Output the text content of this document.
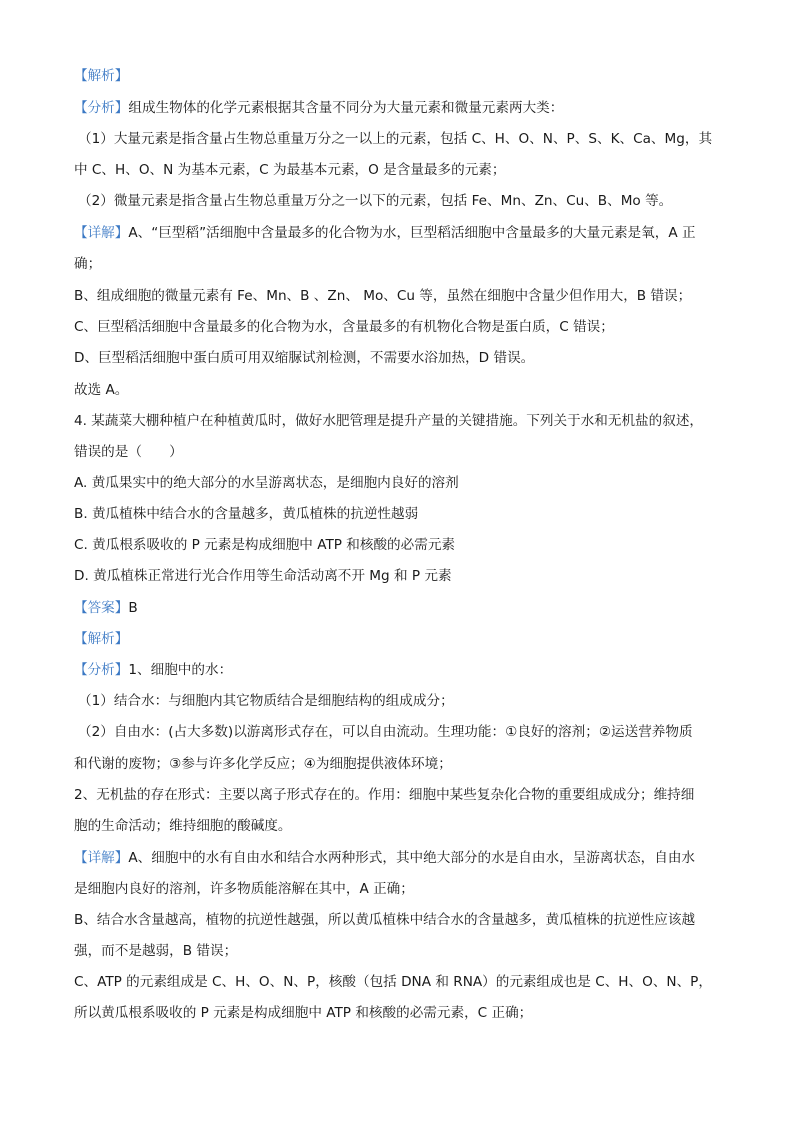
【解析】
【分析】组成生物体的化学元素根据其含量不同分为大量元素和微量元素两大类：
（1）大量元素是指含量占生物总重量万分之一以上的元素，包括 C、H、O、N、P、S、K、Ca、Mg，其
中 C、H、O、N 为基本元素，C 为最基本元素，O 是含量最多的元素；
（2）微量元素是指含量占生物总重量万分之一以下的元素，包括 Fe、Mn、Zn、Cu、B、Mo 等。
【详解】A、“巨型稻”活细胞中含量最多的化合物为水，巨型稻活细胞中含量最多的大量元素是氧，A 正
确；
B、组成细胞的微量元素有 Fe、Mn、B 、Zn、 Mo、Cu 等，虽然在细胞中含量少但作用大，B 错误；
C、巨型稻活细胞中含量最多的化合物为水，含量最多的有机物化合物是蛋白质，C 错误；
D、巨型稻活细胞中蛋白质可用双缩脲试剂检测，不需要水浴加热，D 错误。
故选 A。
4. 某蔬菜大棚种植户在种植黄瓜时，做好水肥管理是提升产量的关键措施。下列关于水和无机盐的叙述，
错误的是（　　）
A. 黄瓜果实中的绝大部分的水呈游离状态，是细胞内良好的溶剂
B. 黄瓜植株中结合水的含量越多，黄瓜植株的抗逆性越弱
C. 黄瓜根系吸收的 P 元素是构成细胞中 ATP 和核酸的必需元素
D. 黄瓜植株正常进行光合作用等生命活动离不开 Mg 和 P 元素
【答案】B
【解析】
【分析】1、细胞中的水：
（1）结合水：与细胞内其它物质结合是细胞结构的组成成分；
（2）自由水：(占大多数)以游离形式存在，可以自由流动。生理功能：①良好的溶剂；②运送营养物质
和代谢的废物；③参与许多化学反应；④为细胞提供液体环境；
2、无机盐的存在形式：主要以离子形式存在的。作用：细胞中某些复杂化合物的重要组成成分；维持细
胞的生命活动；维持细胞的酸碱度。
【详解】A、细胞中的水有自由水和结合水两种形式，其中绝大部分的水是自由水，呈游离状态，自由水
是细胞内良好的溶剂，许多物质能溶解在其中，A 正确；
B、结合水含量越高，植物的抗逆性越强，所以黄瓜植株中结合水的含量越多，黄瓜植株的抗逆性应该越
强，而不是越弱，B 错误；
C、ATP 的元素组成是 C、H、O、N、P，核酸（包括 DNA 和 RNA）的元素组成也是 C、H、O、N、P，
所以黄瓜根系吸收的 P 元素是构成细胞中 ATP 和核酸的必需元素，C 正确；
